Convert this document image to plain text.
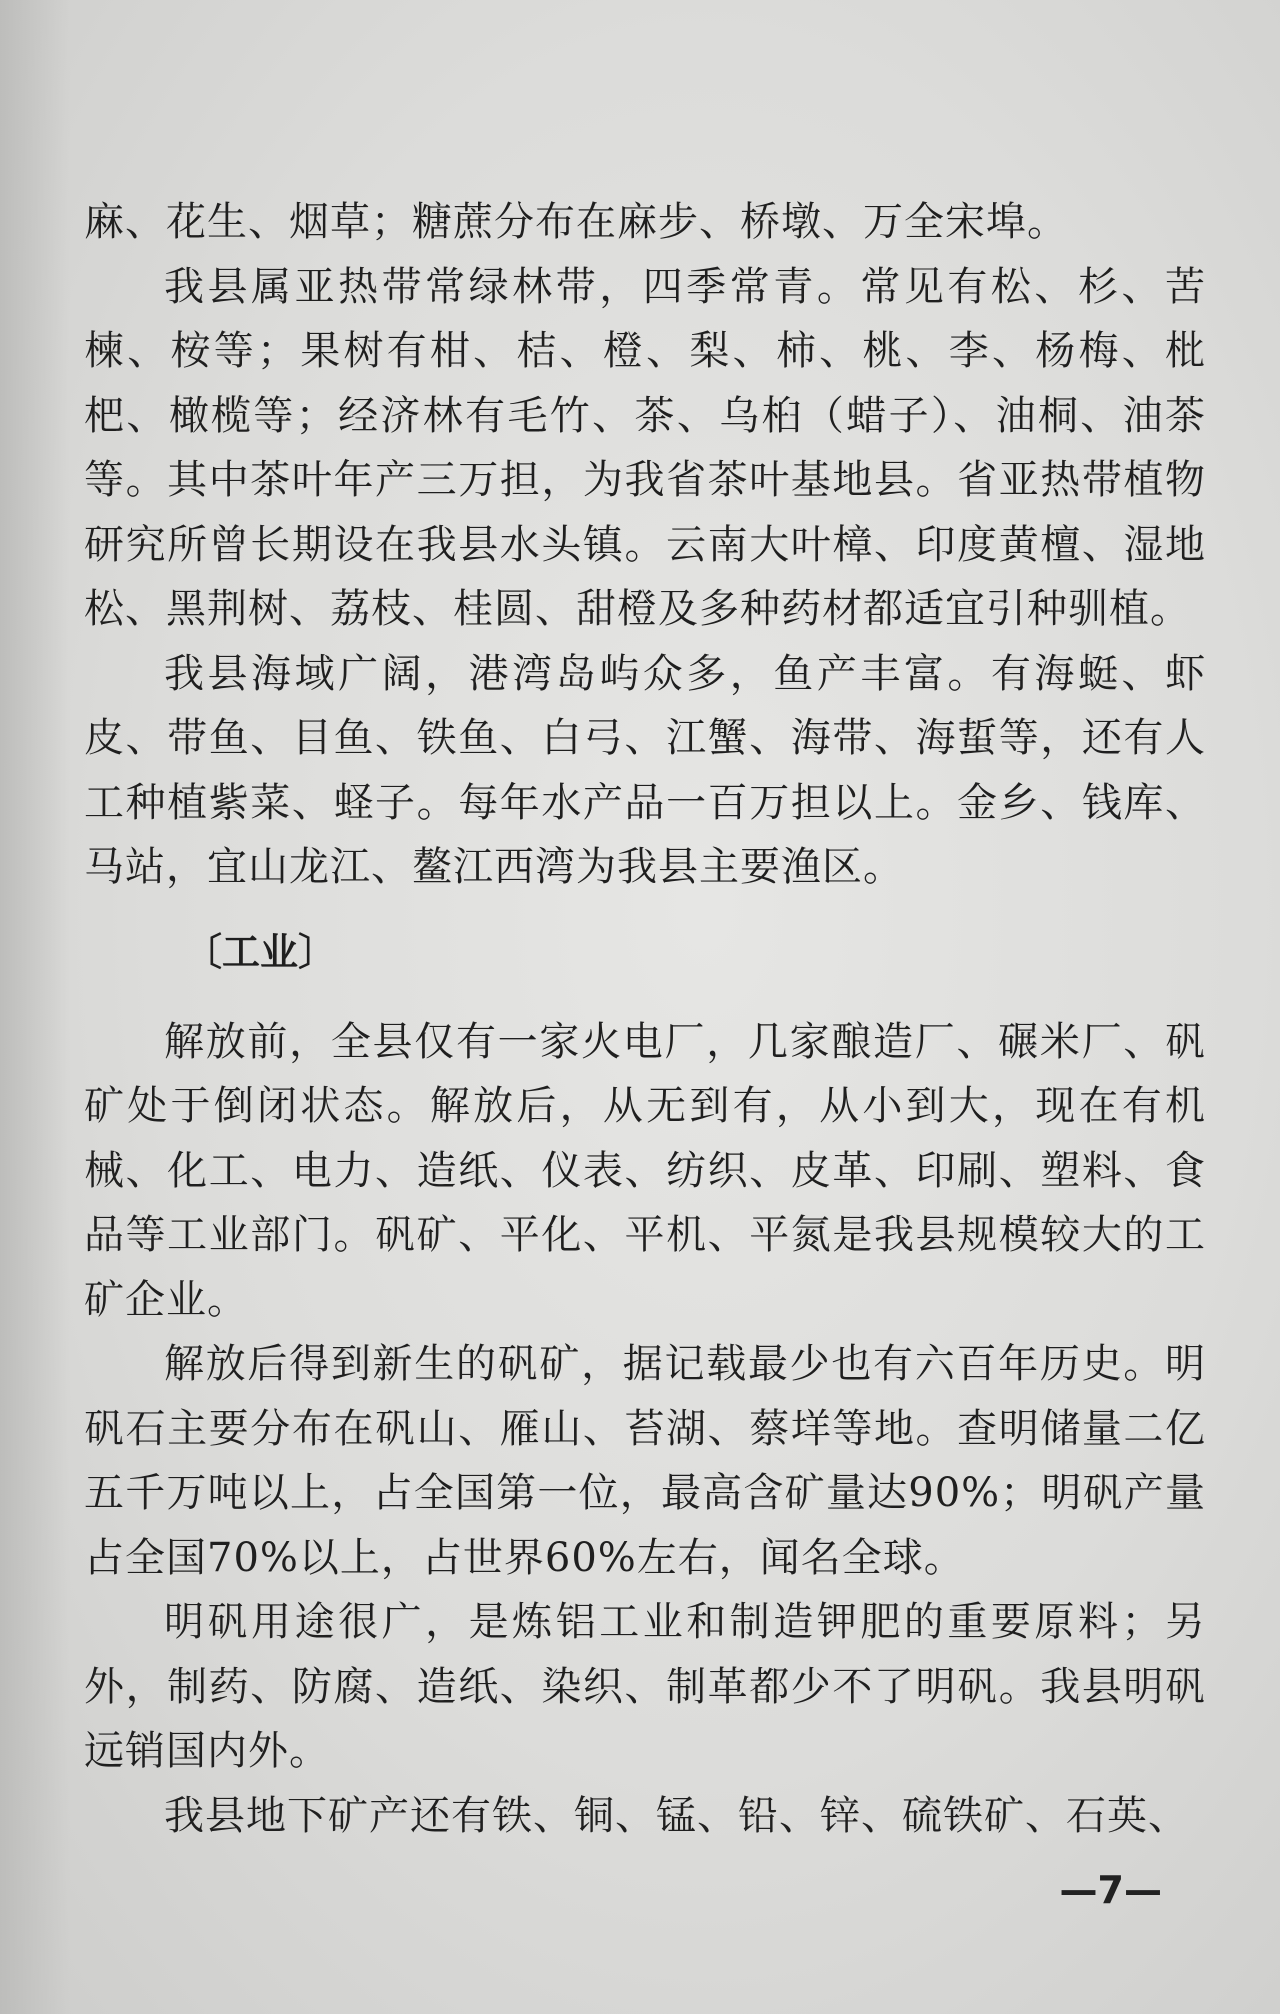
麻、花生、烟草；糖蔗分布在麻步、桥墩、万全宋埠。

我县属亚热带常绿林带，四季常青。常见有松、杉、苦楝、桉等；果树有柑、桔、橙、梨、柿、桃、李、杨梅、枇杷、橄榄等；经济林有毛竹、茶、乌桕（蜡子）、油桐、油茶等。其中茶叶年产三万担，为我省茶叶基地县。省亚热带植物研究所曾长期设在我县水头镇。云南大叶樟、印度黄檀、湿地松、黑荆树、荔枝、桂圆、甜橙及多种药材都适宜引种驯植。

我县海域广阔，港湾岛屿众多，鱼产丰富。有海蜓、虾皮、带鱼、目鱼、铁鱼、白弓、江蟹、海带、海蜇等，还有人工种植紫菜、蛏子。每年水产品一百万担以上。金乡、钱库、马站，宜山龙江、鳌江西湾为我县主要渔区。

〔工业〕

解放前，全县仅有一家火电厂，几家酿造厂、碾米厂、矾矿处于倒闭状态。解放后，从无到有，从小到大，现在有机械、化工、电力、造纸、仪表、纺织、皮革、印刷、塑料、食品等工业部门。矾矿、平化、平机、平氮是我县规模较大的工矿企业。

解放后得到新生的矾矿，据记载最少也有六百年历史。明矾石主要分布在矾山、雁山、苔湖、蔡垟等地。查明储量二亿五千万吨以上，占全国第一位，最高含矿量达90%；明矾产量占全国70%以上，占世界60%左右，闻名全球。

明矾用途很广，是炼铝工业和制造钾肥的重要原料；另外，制药、防腐、造纸、染织、制革都少不了明矾。我县明矾远销国内外。

我县地下矿产还有铁、铜、锰、铅、锌、硫铁矿、石英、

—7—
